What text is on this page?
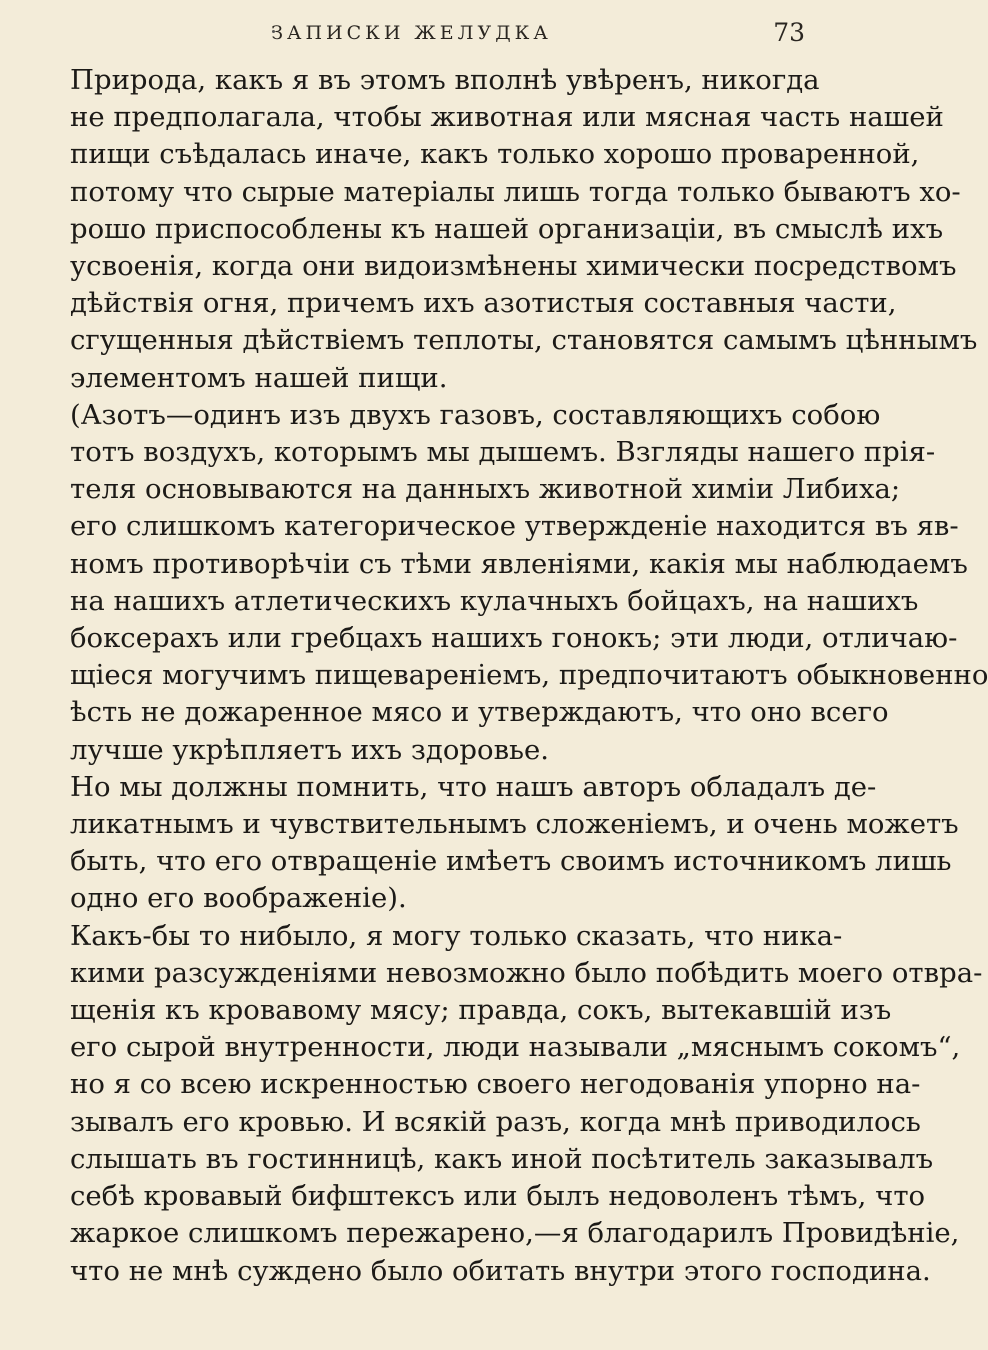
ЗАПИСКИ ЖЕЛУДКА	73

Природа, какъ я въ этомъ вполнѣ увѣренъ, никогда
не предполагала, чтобы животная или мясная часть нашей
пищи съѣдалась иначе, какъ только хорошо проваренной,
потому что сырые матеріалы лишь тогда только бываютъ хо-
рошо приспособлены къ нашей организаціи, въ смыслѣ ихъ
усвоенія, когда они видоизмѣнены химически посредствомъ
дѣйствія огня, причемъ ихъ азотистыя составныя части,
сгущенныя дѣйствіемъ теплоты, становятся самымъ цѣннымъ
элементомъ нашей пищи.

(Азотъ—одинъ изъ двухъ газовъ, составляющихъ собою
тотъ воздухъ, которымъ мы дышемъ. Взгляды нашего прія-
теля основываются на данныхъ животной химіи Либиха;
его слишкомъ категорическое утвержденіе находится въ яв-
номъ противорѣчіи съ тѣми явленіями, какія мы наблюдаемъ
на нашихъ атлетическихъ кулачныхъ бойцахъ, на нашихъ
боксерахъ или гребцахъ нашихъ гонокъ; эти люди, отличаю-
щіеся могучимъ пищевареніемъ, предпочитаютъ обыкновенно
ѣсть не дожаренное мясо и утверждаютъ, что оно всего
лучше укрѣпляетъ ихъ здоровье.

Но мы должны помнить, что нашъ авторъ обладалъ де-
ликатнымъ и чувствительнымъ сложеніемъ, и очень можетъ
быть, что его отвращеніе имѣетъ своимъ источникомъ лишь
одно его воображеніе).

Какъ-бы то нибыло, я могу только сказать, что ника-
кими разсужденіями невозможно было побѣдить моего отвра-
щенія къ кровавому мясу; правда, сокъ, вытекавшій изъ
его сырой внутренности, люди называли „мяснымъ сокомъ“,
но я со всею искренностью своего негодованія упорно на-
зывалъ его кровью. И всякій разъ, когда мнѣ приводилось
слышать въ гостинницѣ, какъ иной посѣтитель заказывалъ
себѣ кровавый бифштексъ или былъ недоволенъ тѣмъ, что
жаркое слишкомъ пережарено,—я благодарилъ Провидѣніе,
что не мнѣ суждено было обитать внутри этого господина.
